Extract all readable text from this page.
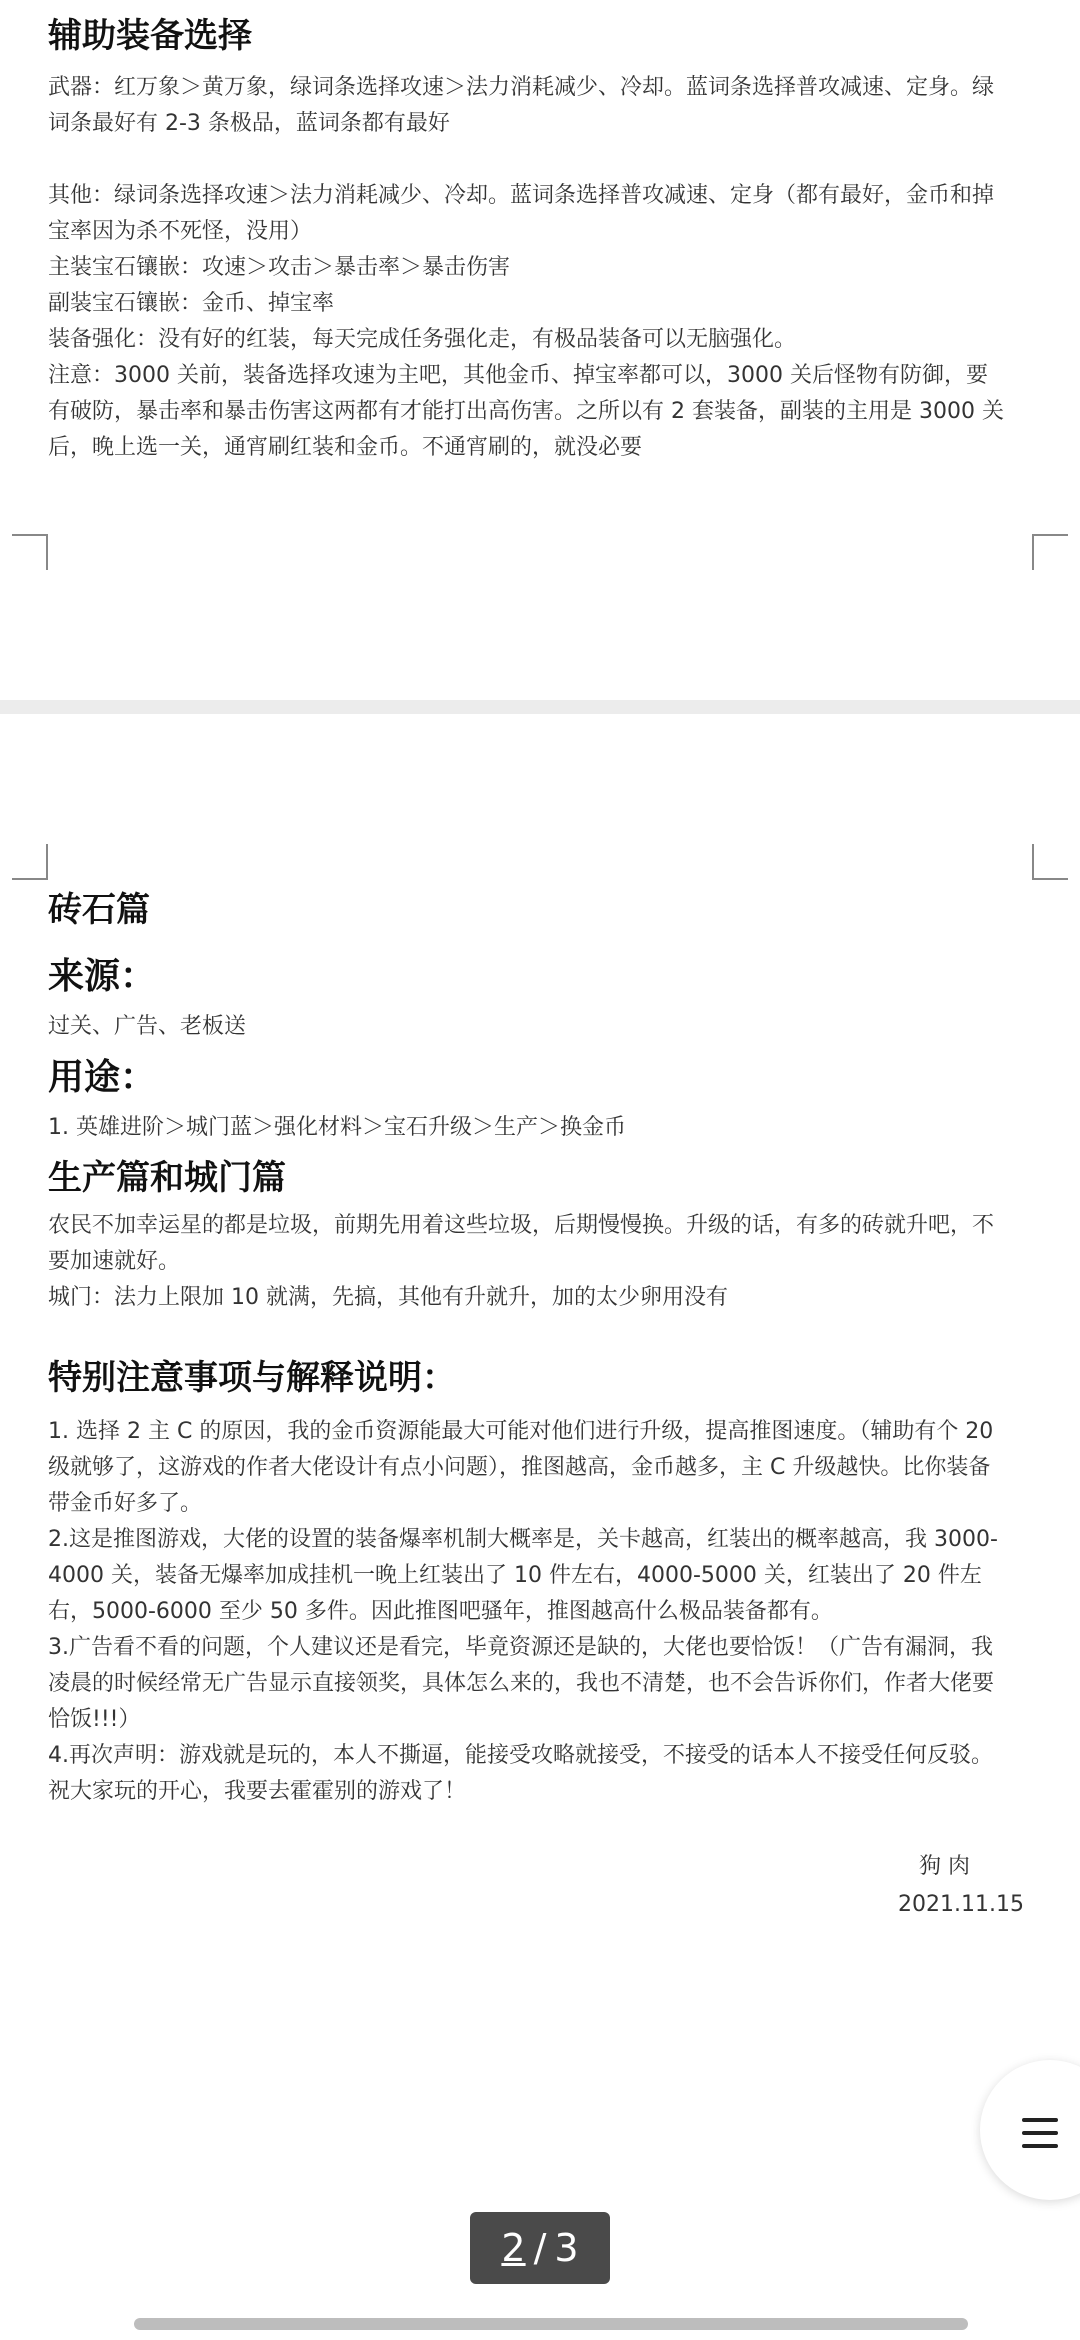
辅助装备选择

武器：红万象＞黄万象，绿词条选择攻速＞法力消耗减少、冷却。蓝词条选择普攻减速、定身。绿词条最好有 2-3 条极品，蓝词条都有最好

其他：绿词条选择攻速＞法力消耗减少、冷却。蓝词条选择普攻减速、定身（都有最好，金币和掉宝率因为杀不死怪，没用）

主装宝石镶嵌：攻速＞攻击＞暴击率＞暴击伤害

副装宝石镶嵌：金币、掉宝率

装备强化：没有好的红装，每天完成任务强化走，有极品装备可以无脑强化。

注意：3000 关前，装备选择攻速为主吧，其他金币、掉宝率都可以，3000 关后怪物有防御，要有破防，暴击率和暴击伤害这两都有才能打出高伤害。之所以有 2 套装备，副装的主用是 3000 关后，晚上选一关，通宵刷红装和金币。不通宵刷的，就没必要

砖石篇
来源：

过关、广告、老板送

用途：

1. 英雄进阶＞城门蓝＞强化材料＞宝石升级＞生产＞换金币

生产篇和城门篇

农民不加幸运星的都是垃圾，前期先用着这些垃圾，后期慢慢换。升级的话，有多的砖就升吧，不要加速就好。

城门：法力上限加 10 就满，先搞，其他有升就升，加的太少卵用没有

特别注意事项与解释说明：

1. 选择 2 主 C 的原因，我的金币资源能最大可能对他们进行升级，提高推图速度。（辅助有个 20 级就够了，这游戏的作者大佬设计有点小问题），推图越高，金币越多，主 C 升级越快。比你装备带金币好多了。

2.这是推图游戏，大佬的设置的装备爆率机制大概率是，关卡越高，红装出的概率越高，我 3000-4000 关，装备无爆率加成挂机一晚上红装出了 10 件左右，4000-5000 关，红装出了 20 件左右，5000-6000 至少 50 多件。因此推图吧骚年，推图越高什么极品装备都有。

3.广告看不看的问题，个人建议还是看完，毕竟资源还是缺的，大佬也要恰饭！（广告有漏洞，我凌晨的时候经常无广告显示直接领奖，具体怎么来的，我也不清楚，也不会告诉你们，作者大佬要恰饭!!!）

4.再次声明：游戏就是玩的，本人不撕逼，能接受攻略就接受，不接受的话本人不接受任何反驳。祝大家玩的开心，我要去霍霍别的游戏了！

狗 肉
2021.11.15
2 / 3
